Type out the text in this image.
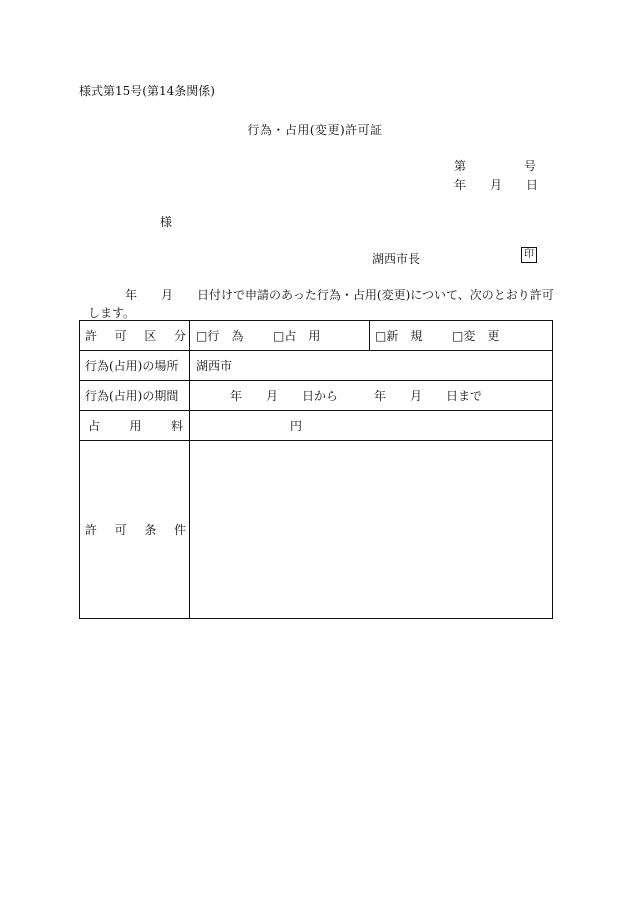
様式第15号(第14条関係)
行為・占用(変更)許可証
第	号
年 月 日
様
湖西市長	印
年　　月　　日付けで申請のあった行為・占用(変更)について、次のとおり許可
します。
許 可 区 分	□行　為 □占　用	□新　規 □変　更
行為(占用)の場所	湖西市	
行為(占用)の期間	年　　月　　日から　　　年　　月　　日まで	

占 用 料	円	

許 可 条 件		
